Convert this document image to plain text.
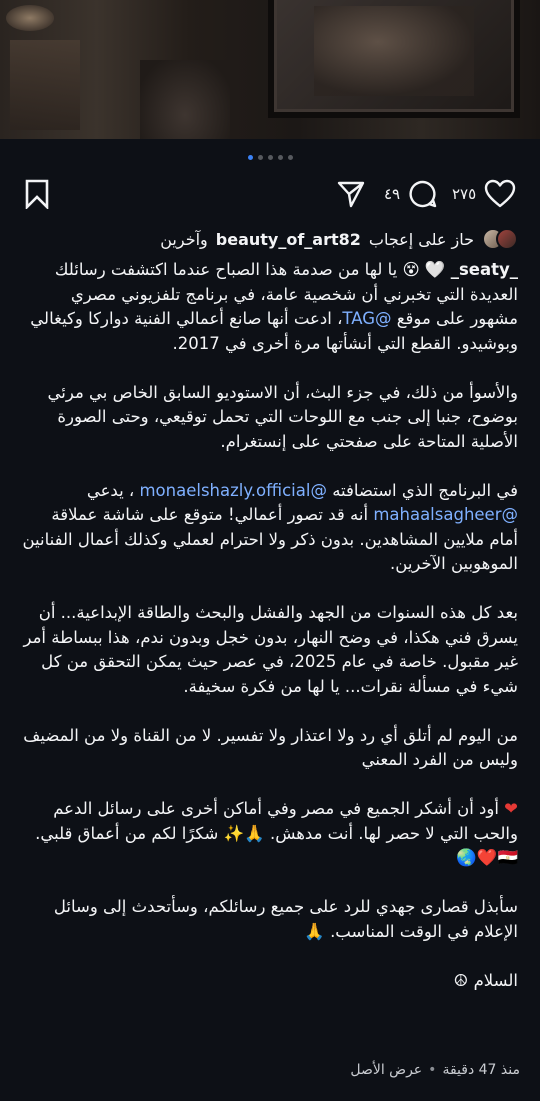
٤٩	٢٧٥
حاز على إعجاب
beauty_of_art82
وآخرين

_seaty_ 🤍 😵 يا لها من صدمة هذا الصباح عندما اكتشفت رسائلك العديدة التي تخبرني أن شخصية عامة، في برنامج تلفزيوني مصري مشهور على موقع @TAG، ادعت أنها صانع أعمالي الفنية دواركا وكيغالي وبوشيدو. القطع التي أنشأتها مرة أخرى في 2017.

والأسوأ من ذلك، في جزء البث، أن الاستوديو السابق الخاص بي مرئي بوضوح، جنبا إلى جنب مع اللوحات التي تحمل توقيعي، وحتى الصورة الأصلية المتاحة على صفحتي على إنستغرام.

في البرنامج الذي استضافته @monaelshazly.official ، يدعي @mahaalsagheer أنه قد تصور أعمالي! متوقع على شاشة عملاقة أمام ملايين المشاهدين. بدون ذكر ولا احترام لعملي وكذلك أعمال الفنانين الموهوبين الآخرين.

بعد كل هذه السنوات من الجهد والفشل والبحث والطاقة الإبداعية... أن يسرق فني هكذا، في وضح النهار، بدون خجل وبدون ندم، هذا ببساطة أمر غير مقبول. خاصة في عام 2025، في عصر حيث يمكن التحقق من كل شيء في مسألة نقرات... يا لها من فكرة سخيفة.

من اليوم لم أتلق أي رد ولا اعتذار ولا تفسير. لا من القناة ولا من المضيف وليس من الفرد المعني

❤ أود أن أشكر الجميع في مصر وفي أماكن أخرى على رسائل الدعم والحب التي لا حصر لها. أنت مدهش. 🙏✨ شكرًا لكم من أعماق قلبي. 🇪🇬❤️🌏

سأبذل قصارى جهدي للرد على جميع رسائلكم، وسأتحدث إلى وسائل الإعلام في الوقت المناسب. 🙏

السلام ☮

منذ 47 دقيقة
•
عرض الأصل
